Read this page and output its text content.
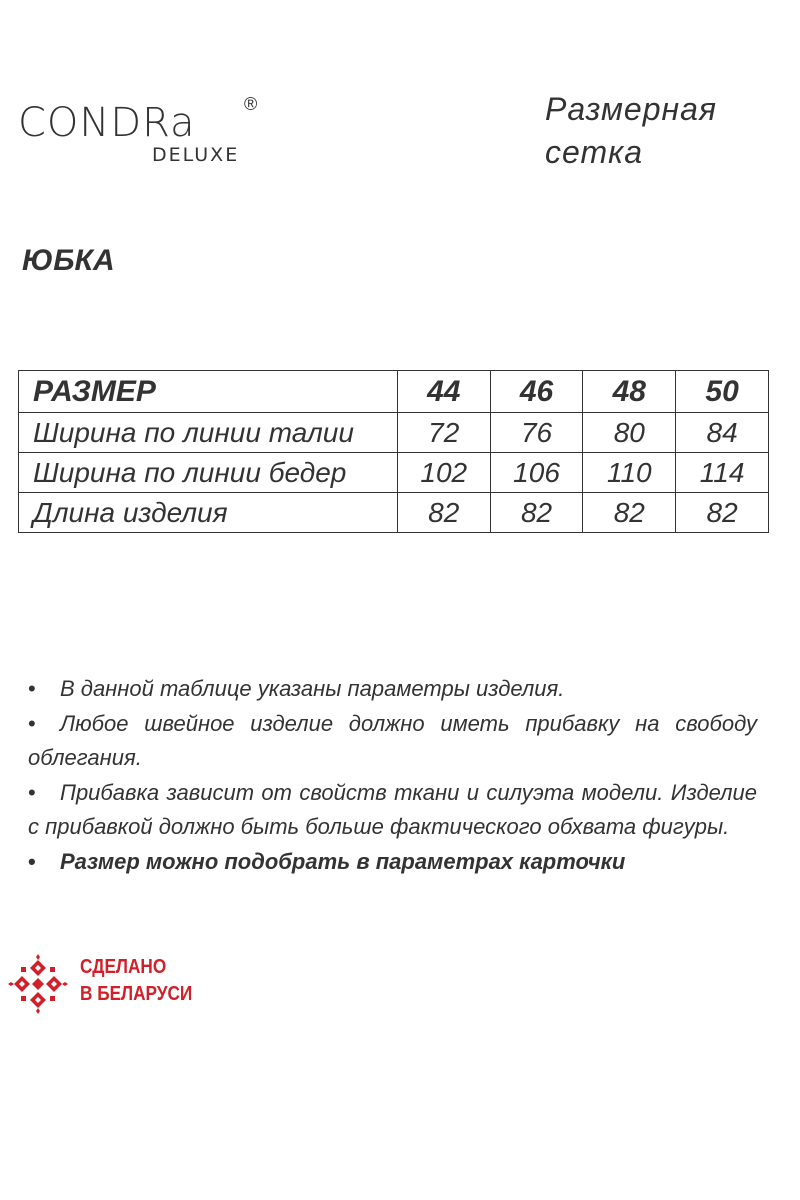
CONDRa	®
DELUXE
Размерная сетка
ЮБКА
РАЗМЕР	44	46	48	50
Ширина по линии талии	72	76	80	84
Ширина по линии бедер	102	106	110	114
Длина изделия	82	82	82	82
• В данной таблице указаны параметры изделия.
• Любое швейное изделие должно иметь прибавку на свободу облегания.
• Прибавка зависит от свойств ткани и силуэта модели. Изделие с прибавкой должно быть больше фактического обхвата фигуры.
• Размер можно подобрать в параметрах карточки
СДЕЛАНО
В БЕЛАРУСИ
